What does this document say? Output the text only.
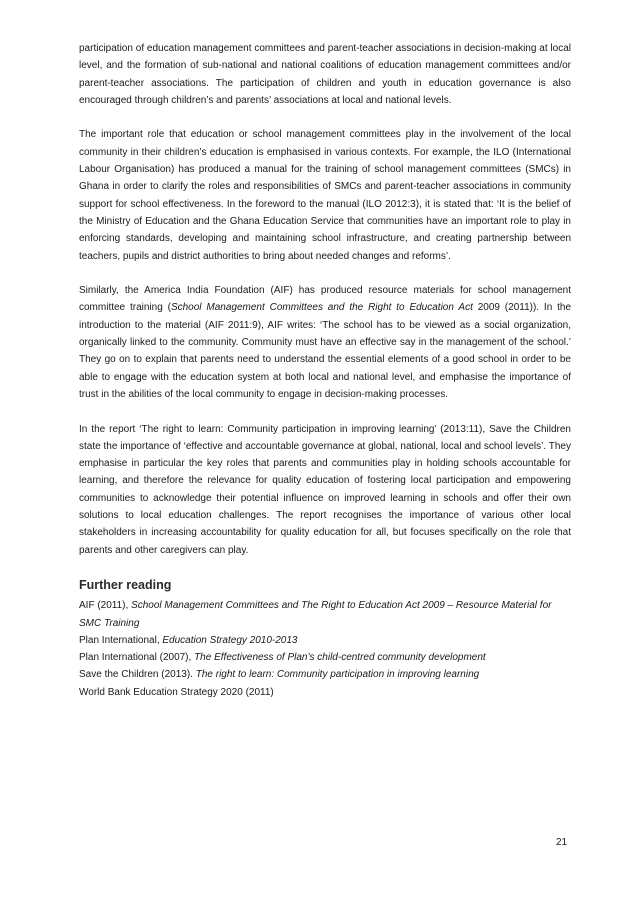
participation of education management committees and parent-teacher associations in decision-making at local level, and the formation of sub-national and national coalitions of education management committees and/or parent-teacher associations. The participation of children and youth in education governance is also encouraged through children’s and parents’ associations at local and national levels.

The important role that education or school management committees play in the involvement of the local community in their children’s education is emphasised in various contexts. For example, the ILO (International Labour Organisation) has produced a manual for the training of school management committees (SMCs) in Ghana in order to clarify the roles and responsibilities of SMCs and parent-teacher associations in community support for school effectiveness. In the foreword to the manual (ILO 2012:3), it is stated that: ‘It is the belief of the Ministry of Education and the Ghana Education Service that communities have an important role to play in enforcing standards, developing and maintaining school infrastructure, and creating partnership between teachers, pupils and district authorities to bring about needed changes and reforms’.

Similarly, the America India Foundation (AIF) has produced resource materials for school management committee training (School Management Committees and the Right to Education Act 2009 (2011)). In the introduction to the material (AIF 2011:9), AIF writes: ‘The school has to be viewed as a social organization, organically linked to the community. Community must have an effective say in the management of the school.’ They go on to explain that parents need to understand the essential elements of a good school in order to be able to engage with the education system at both local and national level, and emphasise the importance of trust in the abilities of the local community to engage in decision-making processes.

In the report ‘The right to learn: Community participation in improving learning’ (2013:11), Save the Children state the importance of ‘effective and accountable governance at global, national, local and school levels’. They emphasise in particular the key roles that parents and communities play in holding schools accountable for learning, and therefore the relevance for quality education of fostering local participation and empowering communities to acknowledge their potential influence on improved learning in schools and offer their own solutions to local education challenges. The report recognises the importance of various other local stakeholders in increasing accountability for quality education for all, but focuses specifically on the role that parents and other caregivers can play.

Further reading
AIF (2011), School Management Committees and The Right to Education Act 2009 – Resource Material for SMC Training
Plan International, Education Strategy 2010-2013
Plan International (2007), The Effectiveness of Plan’s child-centred community development
Save the Children (2013). The right to learn: Community participation in improving learning
World Bank Education Strategy 2020 (2011)
21
